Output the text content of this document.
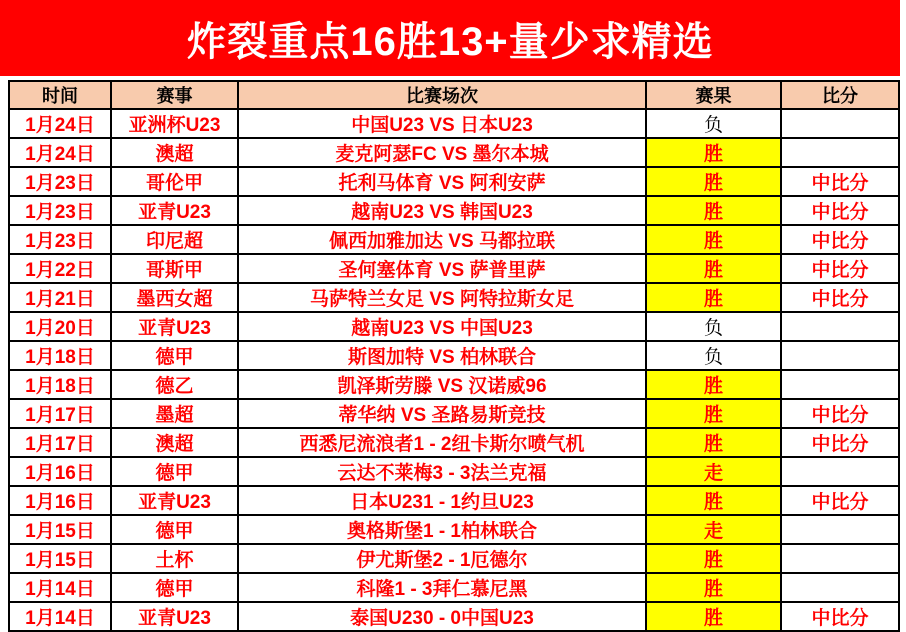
炸裂重点16胜13+量少求精选
时间	赛事	比赛场次	赛果	比分
1月24日	亚洲杯U23	中国U23 VS 日本U23	负	
1月24日	澳超	麦克阿瑟FC VS 墨尔本城	胜	
1月23日	哥伦甲	托利马体育 VS 阿利安萨	胜	中比分
1月23日	亚青U23	越南U23 VS 韩国U23	胜	中比分
1月23日	印尼超	佩西加雅加达 VS 马都拉联	胜	中比分
1月22日	哥斯甲	圣何塞体育 VS 萨普里萨	胜	中比分
1月21日	墨西女超	马萨特兰女足 VS 阿特拉斯女足	胜	中比分
1月20日	亚青U23	越南U23 VS 中国U23	负	
1月18日	德甲	斯图加特 VS 柏林联合	负	
1月18日	德乙	凯泽斯劳滕 VS 汉诺威96	胜	
1月17日	墨超	蒂华纳 VS 圣路易斯竞技	胜	中比分
1月17日	澳超	西悉尼流浪者1 - 2纽卡斯尔喷气机	胜	中比分
1月16日	德甲	云达不莱梅3 - 3法兰克福	走	
1月16日	亚青U23	日本U231 - 1约旦U23	胜	中比分
1月15日	德甲	奥格斯堡1 - 1柏林联合	走	
1月15日	土杯	伊尤斯堡2 - 1厄德尔	胜	
1月14日	德甲	科隆1 - 3拜仁慕尼黑	胜	
1月14日	亚青U23	泰国U230 - 0中国U23	胜	中比分
